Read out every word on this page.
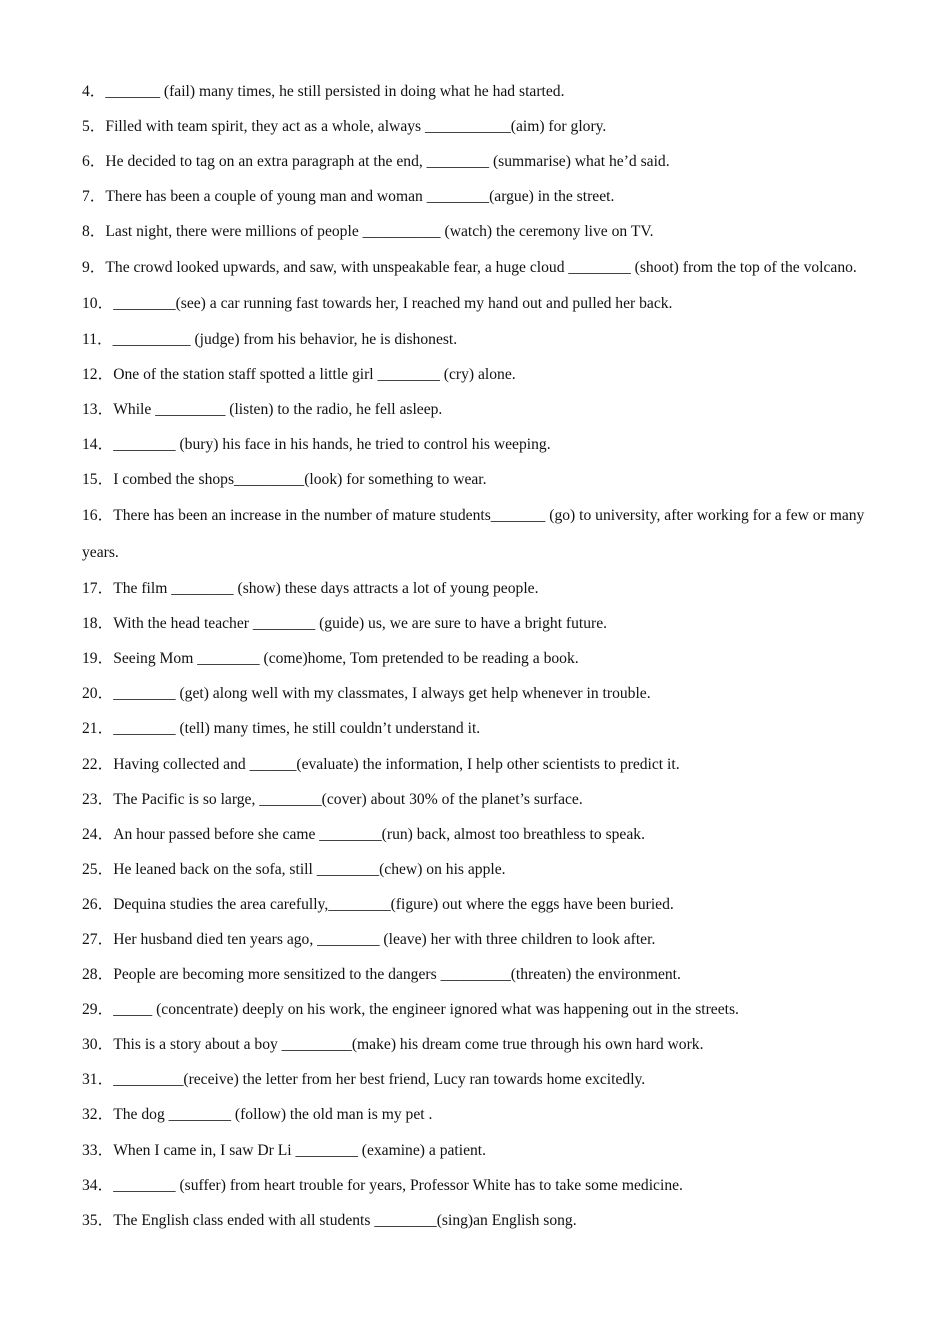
4．_______ (fail) many times, he still persisted in doing what he had started.
5．Filled with team spirit, they act as a whole, always ___________(aim) for glory.
6．He decided to tag on an extra paragraph at the end, ________ (summarise) what he’d said.
7．There has been a couple of young man and woman ________(argue) in the street.
8．Last night, there were millions of people __________ (watch) the ceremony live on TV.
9．The crowd looked upwards, and saw, with unspeakable fear, a huge cloud ________ (shoot) from the top of the volcano.
10．________(see) a car running fast towards her, I reached my hand out and pulled her back.
11．__________ (judge) from his behavior, he is dishonest.
12．One of the station staff spotted a little girl ________ (cry) alone.
13．While _________ (listen) to the radio, he fell asleep.
14．________ (bury) his face in his hands, he tried to control his weeping.
15．I combed the shops_________(look) for something to wear.
16．There has been an increase in the number of mature students_______ (go) to university, after working for a few or many years.
17．The film ________ (show) these days attracts a lot of young people.
18．With the head teacher ________ (guide) us, we are sure to have a bright future.
19．Seeing Mom ________ (come)home, Tom pretended to be reading a book.
20．________ (get) along well with my classmates, I always get help whenever in trouble.
21．________ (tell) many times, he still couldn’t understand it.
22．Having collected and ______(evaluate) the information, I help other scientists to predict it.
23．The Pacific is so large, ________(cover) about 30% of the planet’s surface.
24．An hour passed before she came ________(run) back, almost too breathless to speak.
25．He leaned back on the sofa, still ________(chew) on his apple.
26．Dequina studies the area carefully,________(figure) out where the eggs have been buried.
27．Her husband died ten years ago, ________ (leave) her with three children to look after.
28．People are becoming more sensitized to the dangers _________(threaten) the environment.
29．_____ (concentrate) deeply on his work, the engineer ignored what was happening out in the streets.
30．This is a story about a boy _________(make) his dream come true through his own hard work.
31．_________(receive) the letter from her best friend, Lucy ran towards home excitedly.
32．The dog ________ (follow) the old man is my pet .
33．When I came in, I saw Dr Li ________ (examine) a patient.
34．________ (suffer) from heart trouble for years, Professor White has to take some medicine.
35．The English class ended with all students ________(sing)an English song.
